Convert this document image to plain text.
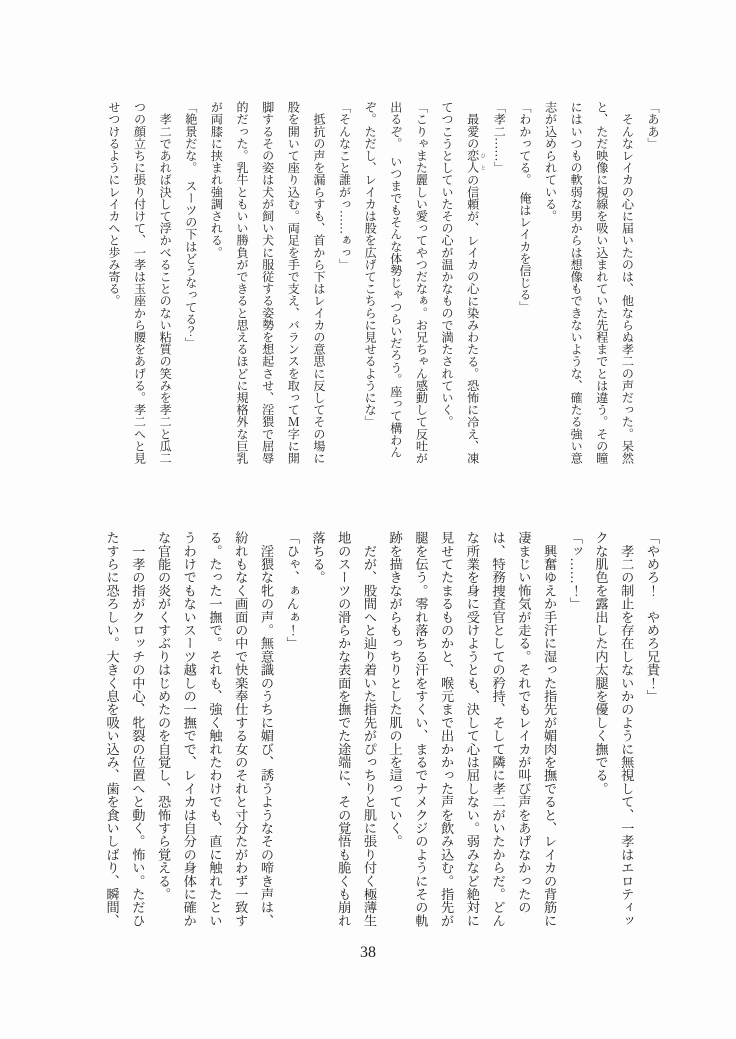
「ああ」

　そんなレイカの心に届いたのは、他ならぬ孝二の声だった。呆然と、ただ映像に視線を吸い込まれていた先程までとは違う。その瞳にはいつもの軟弱な男からは想像もできないような、確たる強い意志が込められている。

「わかってる。　俺はレイカを信じる」

「孝二……」

　最愛の恋人 ひとの信頼が、レイカの心に染みわたる。恐怖に冷え、凍てつこうとしていたその心が温かなもので満たされていく。

「こりゃまた麗しい愛ってやつだなぁ。お兄ちゃん感動して反吐が出るぞ。　いつまでもそんな体勢じゃつらいだろう。座って構わんぞ。ただし、レイカは股を広げてこちらに見せるようにな」

「そんなこと誰がっ……ぁっ」

　抵抗の声を漏らすも、首から下はレイカの意思に反してその場に股を開いて座り込む。両足を手で支え、バランスを取ってＭ字に開脚するその姿は犬が飼い犬に服従する姿勢を想起させ、淫猥で屈辱的だった。乳牛ともいい勝負ができると思えるほどに規格外な巨乳が両膝に挟まれ強調される。

「絶景だな。　スーツの下はどうなってる？」

　孝二であれば決して浮かべることのない粘質の笑みを孝二と瓜二つの顔立ちに張り付けて、一孝は玉座から腰をあげる。孝二へと見せつけるようにレイカへと歩み寄る。

「やめろ！　やめろ兄貴！」

　孝二の制止を存在しないかのように無視して、一孝はエロティックな肌色を露出した内太腿を優しく撫でる。

「ッ……！」

　興奮ゆえか手汗に湿った指先が媚肉を撫でると、レイカの背筋に凄まじい怖気が走る。それでもレイカが叫び声をあげなかったのは、特務捜査官としての矜持、そして隣に孝二がいたからだ。どんな所業を身に受けようとも、決して心は屈しない。弱みなど絶対に見せてたまるものかと、喉元まで出かかった声を飲み込む。指先が腿を伝う。零れ落ちる汗をすくい、まるでナメクジのようにその軌跡を描きながらもっちりとした肌の上を這っていく。

　だが、股間へと辿り着いた指先がぴっちりと肌に張り付く極薄生地のスーツの滑らかな表面を撫でた途端に、その覚悟も脆くも崩れ落ちる。

「ひゃ、ぁんぁ！」

　淫猥な牝の声。無意識のうちに媚び、誘うようなその啼き声は、紛れもなく画面の中で快楽奉仕する女のそれと寸分たがわず一致する。たった一撫で。それも、強く触れたわけでも、直に触れたというわけでもないスーツ越しの一撫でで、レイカは自分の身体に確かな官能の炎がくすぶりはじめたのを自覚し、恐怖すら覚える。

　一孝の指がクロッチの中心、牝裂の位置へと動く。怖い。ただひたすらに恐ろしい。大きく息を吸い込み、歯を食いしばり、瞬間、

38
